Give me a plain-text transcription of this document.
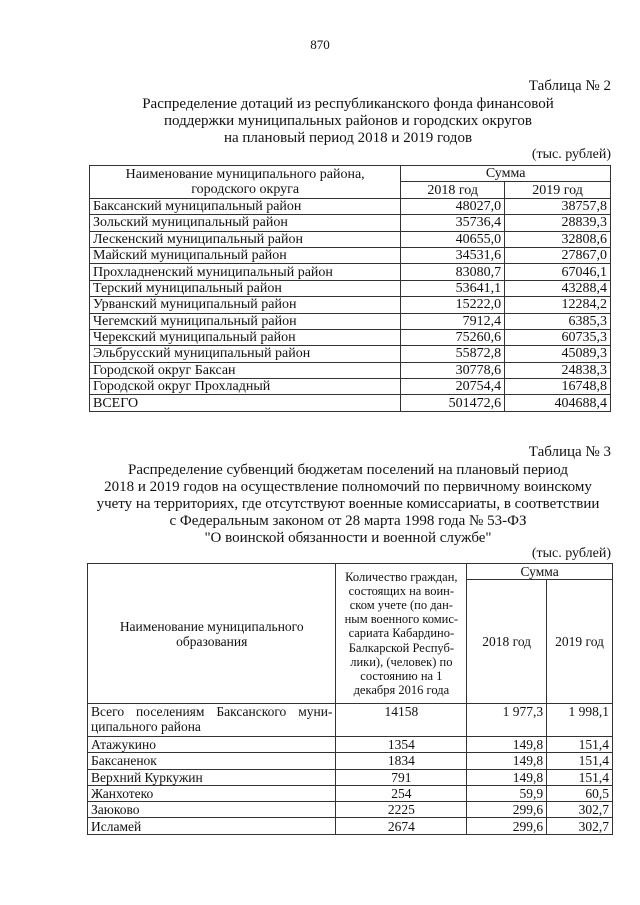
870
Таблица № 2
Распределение дотаций из республиканского фонда финансовой
поддержки муниципальных районов и городских округов
на плановый период 2018 и 2019 годов
(тыс. рублей)
Наименование муниципального района, городского округа	Сумма	
	2018 год	2019 год
Баксанский муниципальный район	48027,0	38757,8
Зольский муниципальный район	35736,4	28839,3
Лескенский муниципальный район	40655,0	32808,6
Майский муниципальный район	34531,6	27867,0
Прохладненский муниципальный район	83080,7	67046,1
Терский муниципальный район	53641,1	43288,4
Урванский муниципальный район	15222,0	12284,2
Чегемский муниципальный район	7912,4	6385,3
Черекский муниципальный район	75260,6	60735,3
Эльбрусский муниципальный район	55872,8	45089,3
Городской округ Баксан	30778,6	24838,3
Городской округ Прохладный	20754,4	16748,8
ВСЕГО	501472,6	404688,4
Таблица № 3
Распределение субвенций бюджетам поселений на плановый период
2018 и 2019 годов на осуществление полномочий по первичному воинскому
учету на территориях, где отсутствуют военные комиссариаты, в соответствии
с Федеральным законом от 28 марта 1998 года № 53-ФЗ
"О воинской обязанности и военной службе"
(тыс. рублей)
Наименование муниципального образования	Количество граждан, состоящих на воин-ском учете (по дан-ным военного комис-сариата Кабардино-Балкарской Респуб-лики), (человек) по состоянию на 1 декабря 2016 года	Сумма	
		2018 год	2019 год
Всего поселениям Баксанского муни-ципального района	14158	1 977,3	1 998,1
Атажукино	1354	149,8	151,4
Баксаненок	1834	149,8	151,4
Верхний Куркужин	791	149,8	151,4
Жанхотеко	254	59,9	60,5
Заюково	2225	299,6	302,7
Исламей	2674	299,6	302,7
